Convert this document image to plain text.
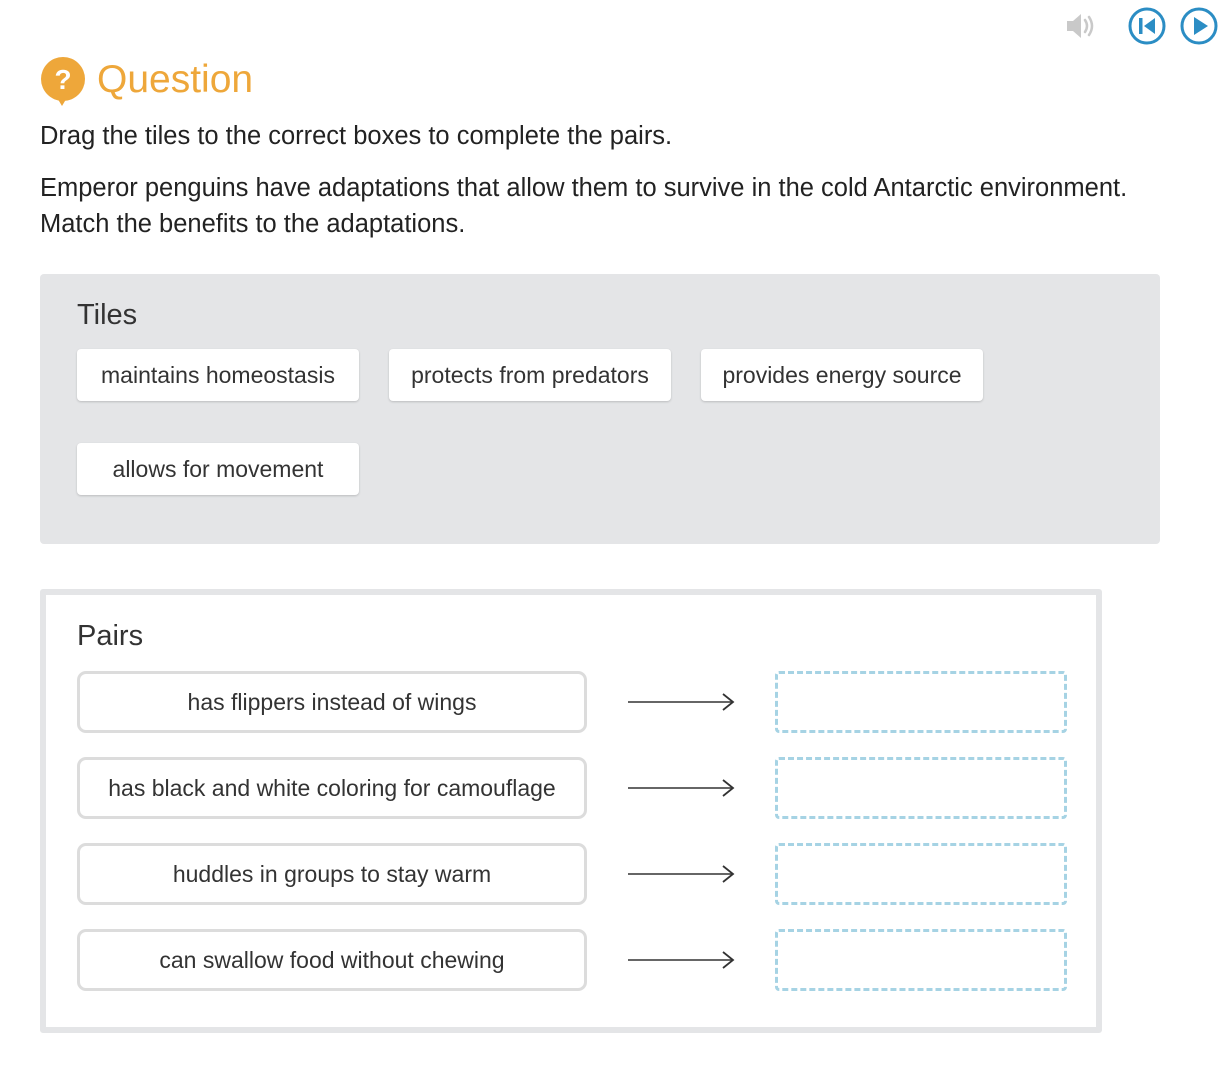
? Question

Drag the tiles to the correct boxes to complete the pairs.

Emperor penguins have adaptations that allow them to survive in the cold Antarctic environment. Match the benefits to the adaptations.

Tiles
maintains homeostasis	protects from predators	provides energy source
allows for movement
Pairs
has flippers instead of wings
has black and white coloring for camouflage
huddles in groups to stay warm
can swallow food without chewing
